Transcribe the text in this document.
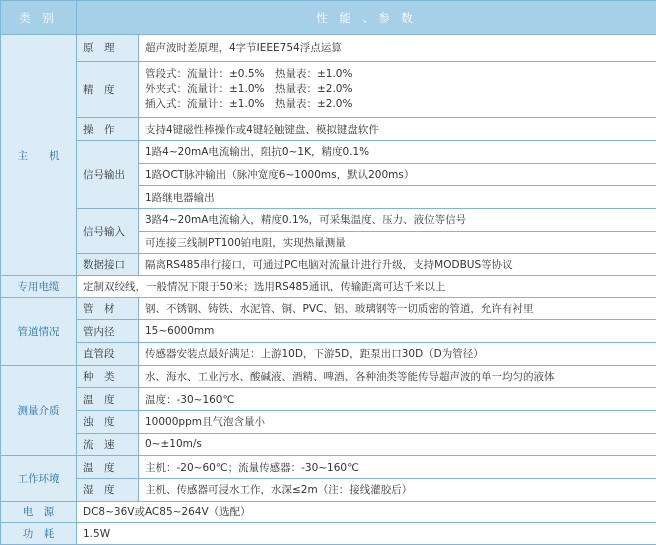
类 别	性 能 、参 数	
主　　机	原　理	超声波时差原理，4字节IEEE754浮点运算
	精　度	管段式：流量计：±0.5%　 热量表：±1.0%
外夹式：流量计：±1.0%　 热量表：±2.0%
插入式：流量计：±1.0%　 热量表：±2.0%

	操　作	支持4键磁性棒操作或4键轻触键盘、模拟键盘软件
	信号输出	1路4~20mA电流输出，阻抗0~1K，精度0.1%
		1路OCT脉冲输出（脉冲宽度6~1000ms，默认200ms）
		1路继电器输出
	信号输入	3路4~20mA电流输入，精度0.1%，可采集温度、压力、液位等信号
		可连接三线制PT100铂电阻，实现热量测量
	数据接口	隔离RS485串行接口，可通过PC电脑对流量计进行升级，支持MODBUS等协议
专用电缆	定制双绞线，一般情况下限于50米；选用RS485通讯，传输距离可达千米以上	
管道情况	管　材	钢、不锈钢、铸铁、水泥管、铜、PVC、铝、玻璃钢等一切质密的管道，允许有衬里
	管内径	15~6000mm
	直管段	传感器安装点最好满足：上游10D，下游5D，距泵出口30D（D为管径）
测量介质	种　类	水、海水、工业污水、酸碱液、酒精、啤酒、各种油类等能传导超声波的单一均匀的液体
	温　度	温度：-30~160℃
	浊　度	10000ppm且气泡含量小
	流　速	0~±10m/s
工作环境	温　度	主机：-20~60℃；流量传感器：-30~160℃
	湿　度	主机、传感器可浸水工作，水深≤2m（注：接线灌胶后）
电　源	DC8~36V或AC85~264V（选配）	
功　耗	1.5W	
